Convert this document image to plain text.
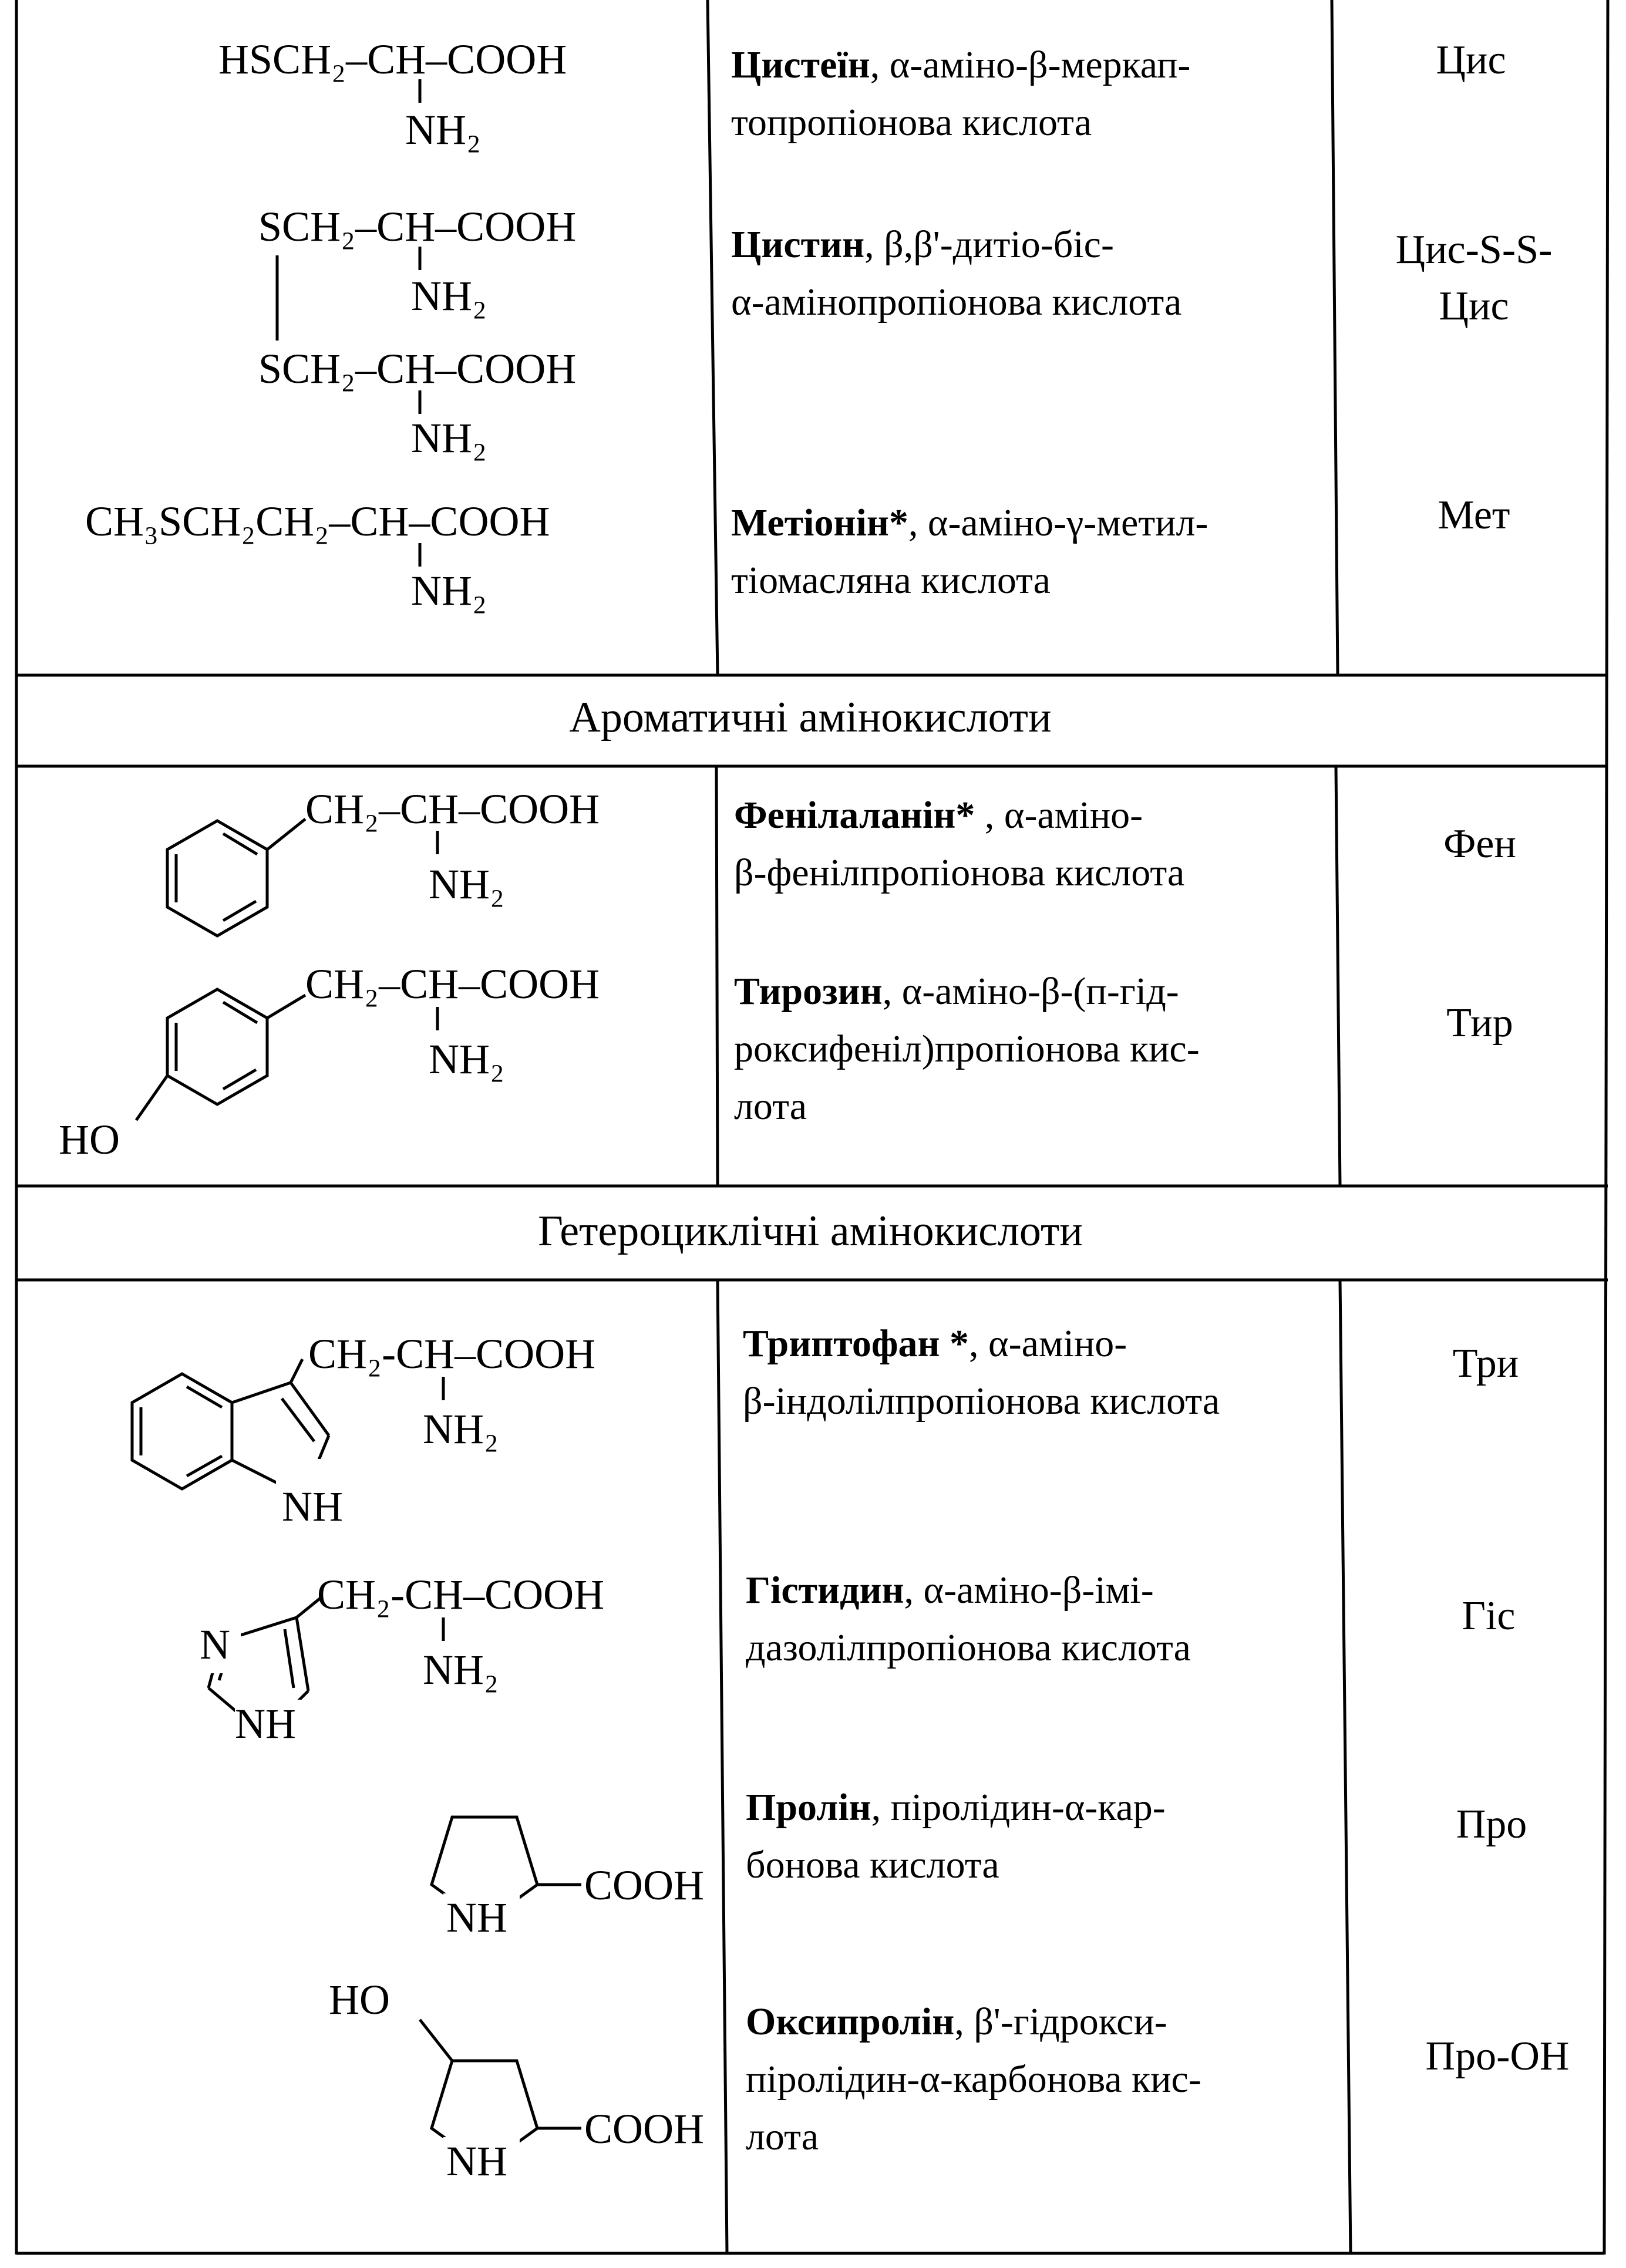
HSCH₂–CH–COOH
NH₂
SCH₂–CH–COOH
NH₂
SCH₂–CH–COOH
NH₂
CH₃SCH₂CH₂–CH–COOH
NH₂
CH₂–CH–COOH
NH₂
CH₂–CH–COOH
NH₂
HO
CH₂-CH–COOH
NH₂
NH
CH₂-CH–COOH
NH₂
N
NH
COOH
NH
COOH
NH
HO
Ароматичні амінокислоти
Гетероциклічні амінокислоти
Цистеїн, α-аміно-β-меркап-
топропіонова кислота
Цистин, β,β'-дитіо-біс-
α-амінопропіонова кислота
Метіонін*, α-аміно-γ-метил-
тіомасляна кислота
Фенілаланін* , α-аміно-
β-фенілпропіонова кислота
Тирозин, α-аміно-β-(п-гід-
роксифеніл)пропіонова кис-
лота
Триптофан *, α-аміно-
β-індолілпропіонова кислота
Гістидин, α-аміно-β-імі-
дазолілпропіонова кислота
Пролін, піролідин-α-кар-
бонова кислота
Оксипролін, β'-гідрокси-
піролідин-α-карбонова кис-
лота
Цис
Цис-S-S-
Цис
Мет
Фен
Тир
Три
Гіс
Про
Про-ОН
